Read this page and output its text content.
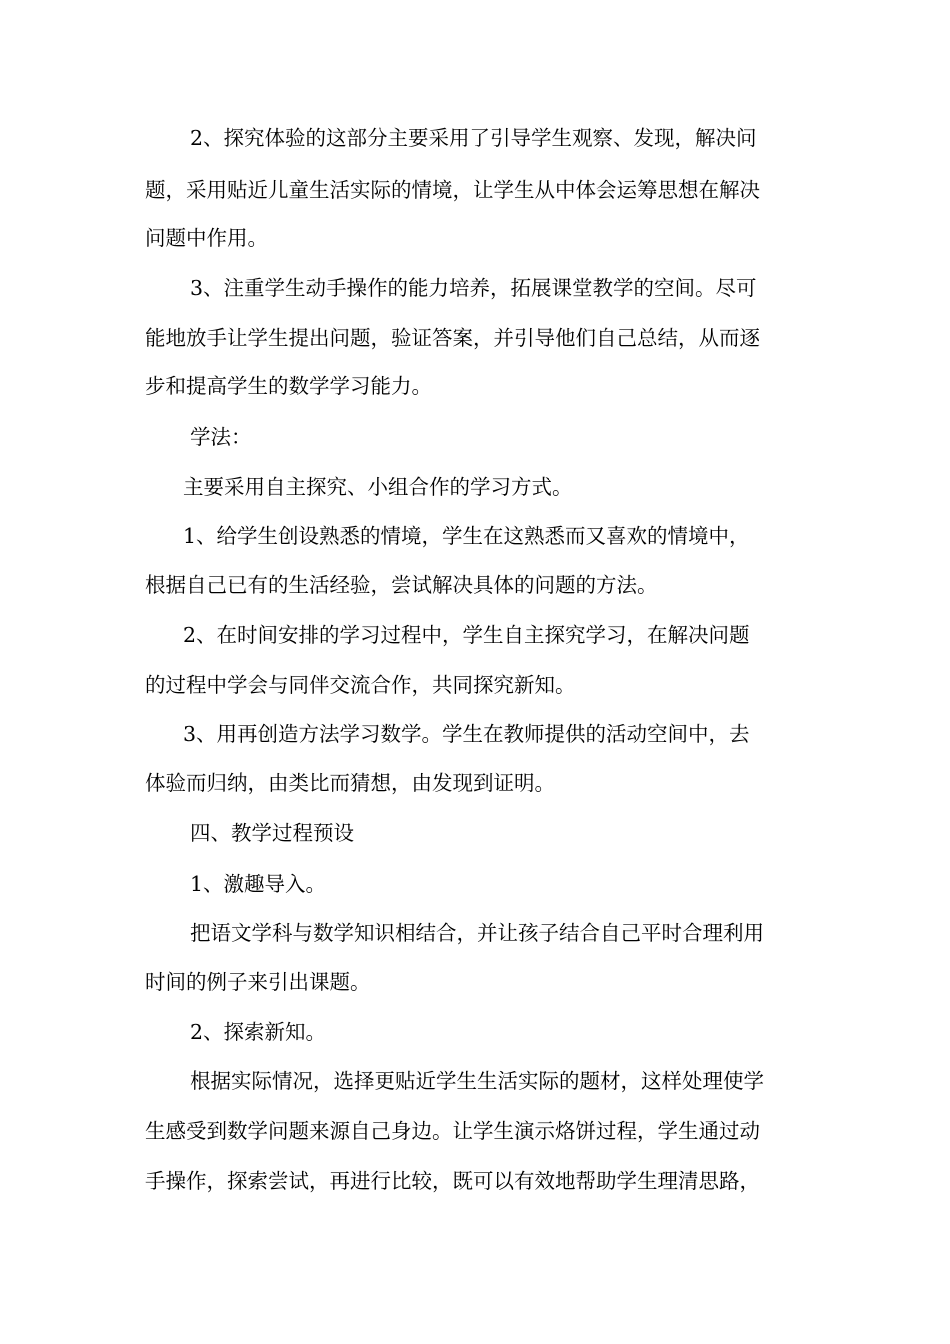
2、探究体验的这部分主要采用了引导学生观察、发现，解决问
题，采用贴近儿童生活实际的情境，让学生从中体会运筹思想在解决
问题中作用。
3、注重学生动手操作的能力培养，拓展课堂教学的空间。尽可
能地放手让学生提出问题，验证答案，并引导他们自己总结，从而逐
步和提高学生的数学学习能力。
学法：
主要采用自主探究、小组合作的学习方式。
1、给学生创设熟悉的情境，学生在这熟悉而又喜欢的情境中，
根据自己已有的生活经验，尝试解决具体的问题的方法。
2、在时间安排的学习过程中，学生自主探究学习，在解决问题
的过程中学会与同伴交流合作，共同探究新知。
3、用再创造方法学习数学。学生在教师提供的活动空间中，去
体验而归纳，由类比而猜想，由发现到证明。
四、教学过程预设
1、激趣导入。
把语文学科与数学知识相结合，并让孩子结合自己平时合理利用
时间的例子来引出课题。
2、探索新知。
根据实际情况，选择更贴近学生生活实际的题材，这样处理使学
生感受到数学问题来源自己身边。让学生演示烙饼过程，学生通过动
手操作，探索尝试，再进行比较，既可以有效地帮助学生理清思路，
